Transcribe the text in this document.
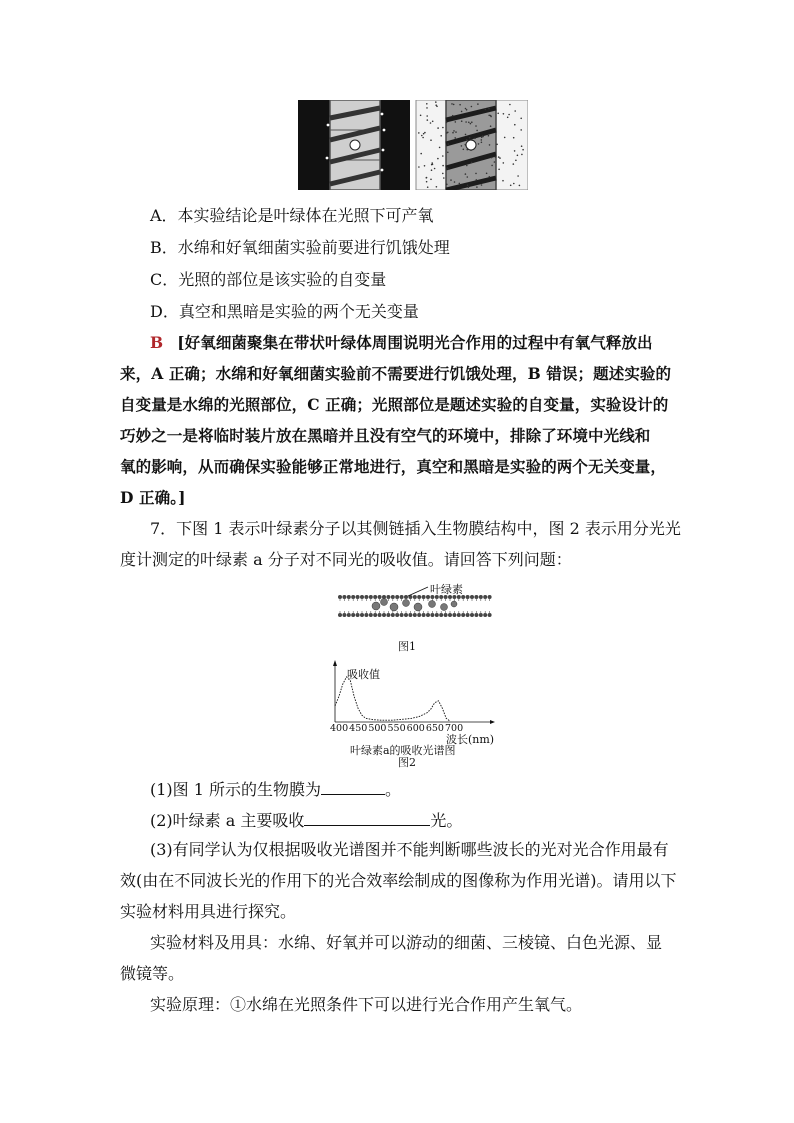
A．本实验结论是叶绿体在光照下可产氧
B．水绵和好氧细菌实验前要进行饥饿处理
C．光照的部位是该实验的自变量
D．真空和黑暗是实验的两个无关变量
B [好氧细菌聚集在带状叶绿体周围说明光合作用的过程中有氧气释放出
来，A 正确；水绵和好氧细菌实验前不需要进行饥饿处理，B 错误；题述实验的
自变量是水绵的光照部位，C 正确；光照部位是题述实验的自变量，实验设计的
巧妙之一是将临时装片放在黑暗并且没有空气的环境中，排除了环境中光线和
氧的影响，从而确保实验能够正常地进行，真空和黑暗是实验的两个无关变量，
D 正确。]
7．下图 1 表示叶绿素分子以其侧链插入生物膜结构中，图 2 表示用分光光
度计测定的叶绿素 a 分子对不同光的吸收值。请回答下列问题：
叶绿素
图1
吸收值
400 450 500 550 600 650 700
波长(nm)
叶绿素a的吸收光谱图
图2
(1)图 1 所示的生物膜为	。
(2)叶绿素 a 主要吸收	光。
(3)有同学认为仅根据吸收光谱图并不能判断哪些波长的光对光合作用最有
效(由在不同波长光的作用下的光合效率绘制成的图像称为作用光谱)。请用以下
实验材料用具进行探究。
实验材料及用具：水绵、好氧并可以游动的细菌、三棱镜、白色光源、显
微镜等。
实验原理：①水绵在光照条件下可以进行光合作用产生氧气。
